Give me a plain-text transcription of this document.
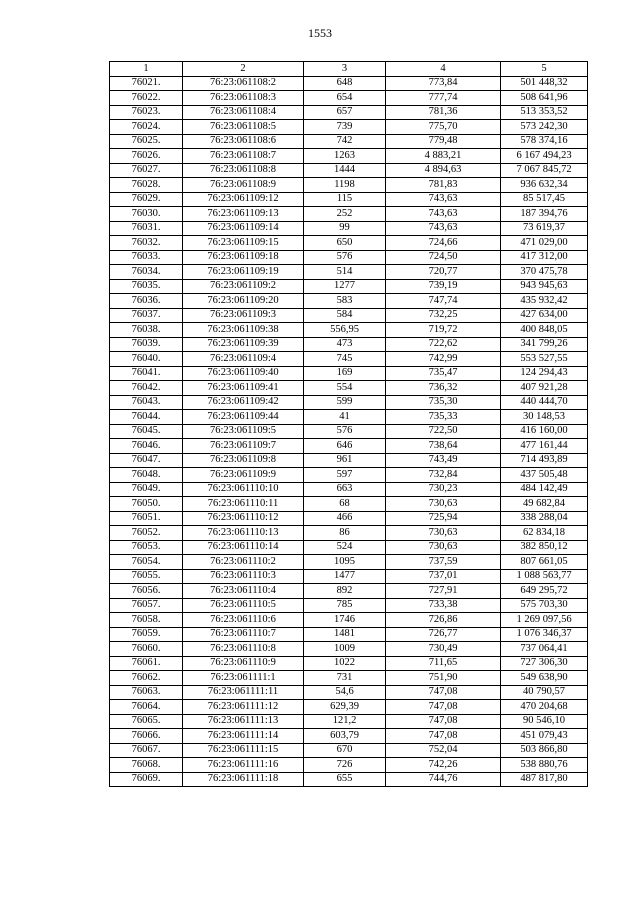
1553
1	2	3	4	5
76021.	76:23:061108:2	648	773,84	501 448,32
76022.	76:23:061108:3	654	777,74	508 641,96
76023.	76:23:061108:4	657	781,36	513 353,52
76024.	76:23:061108:5	739	775,70	573 242,30
76025.	76:23:061108:6	742	779,48	578 374,16
76026.	76:23:061108:7	1263	4 883,21	6 167 494,23
76027.	76:23:061108:8	1444	4 894,63	7 067 845,72
76028.	76:23:061108:9	1198	781,83	936 632,34
76029.	76:23:061109:12	115	743,63	85 517,45
76030.	76:23:061109:13	252	743,63	187 394,76
76031.	76:23:061109:14	99	743,63	73 619,37
76032.	76:23:061109:15	650	724,66	471 029,00
76033.	76:23:061109:18	576	724,50	417 312,00
76034.	76:23:061109:19	514	720,77	370 475,78
76035.	76:23:061109:2	1277	739,19	943 945,63
76036.	76:23:061109:20	583	747,74	435 932,42
76037.	76:23:061109:3	584	732,25	427 634,00
76038.	76:23:061109:38	556,95	719,72	400 848,05
76039.	76:23:061109:39	473	722,62	341 799,26
76040.	76:23:061109:4	745	742,99	553 527,55
76041.	76:23:061109:40	169	735,47	124 294,43
76042.	76:23:061109:41	554	736,32	407 921,28
76043.	76:23:061109:42	599	735,30	440 444,70
76044.	76:23:061109:44	41	735,33	30 148,53
76045.	76:23:061109:5	576	722,50	416 160,00
76046.	76:23:061109:7	646	738,64	477 161,44
76047.	76:23:061109:8	961	743,49	714 493,89
76048.	76:23:061109:9	597	732,84	437 505,48
76049.	76:23:061110:10	663	730,23	484 142,49
76050.	76:23:061110:11	68	730,63	49 682,84
76051.	76:23:061110:12	466	725,94	338 288,04
76052.	76:23:061110:13	86	730,63	62 834,18
76053.	76:23:061110:14	524	730,63	382 850,12
76054.	76:23:061110:2	1095	737,59	807 661,05
76055.	76:23:061110:3	1477	737,01	1 088 563,77
76056.	76:23:061110:4	892	727,91	649 295,72
76057.	76:23:061110:5	785	733,38	575 703,30
76058.	76:23:061110:6	1746	726,86	1 269 097,56
76059.	76:23:061110:7	1481	726,77	1 076 346,37
76060.	76:23:061110:8	1009	730,49	737 064,41
76061.	76:23:061110:9	1022	711,65	727 306,30
76062.	76:23:061111:1	731	751,90	549 638,90
76063.	76:23:061111:11	54,6	747,08	40 790,57
76064.	76:23:061111:12	629,39	747,08	470 204,68
76065.	76:23:061111:13	121,2	747,08	90 546,10
76066.	76:23:061111:14	603,79	747,08	451 079,43
76067.	76:23:061111:15	670	752,04	503 866,80
76068.	76:23:061111:16	726	742,26	538 880,76
76069.	76:23:061111:18	655	744,76	487 817,80
